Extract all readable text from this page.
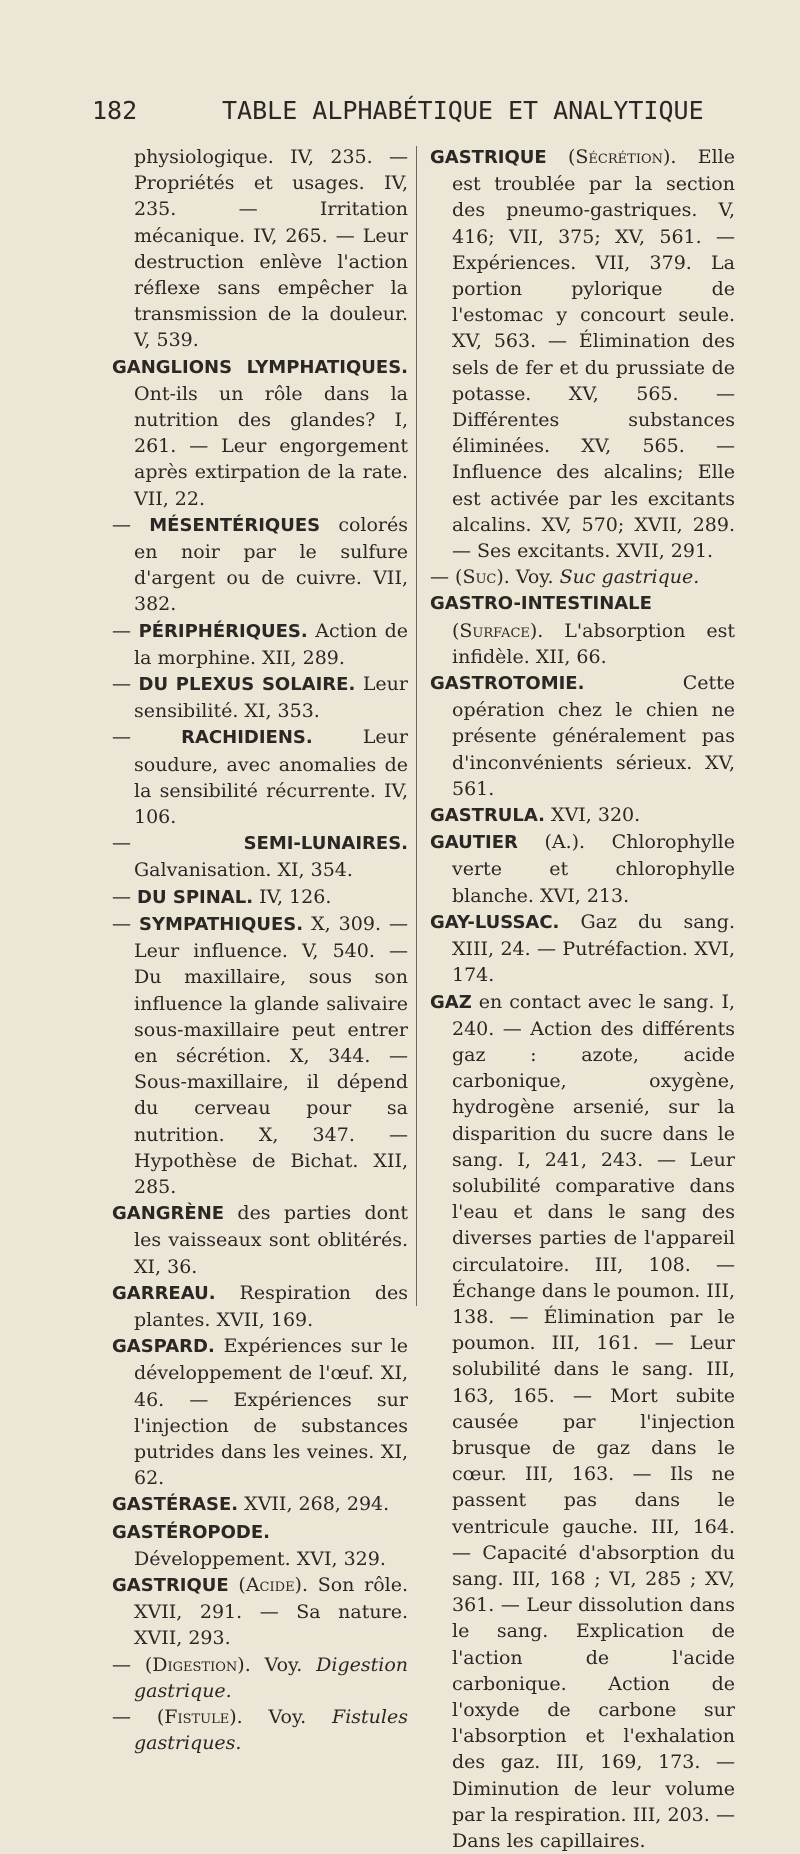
182	TABLE ALPHABÉTIQUE ET ANALYTIQUE

physiologique. IV, 235. — Propriétés et usages. IV, 235. — Irritation mécanique. IV, 265. — Leur destruction enlève l'action réflexe sans empêcher la transmission de la douleur. V, 539.

GANGLIONS LYMPHATIQUES. Ont-ils un rôle dans la nutrition des glandes? I, 261. — Leur engorgement après extirpation de la rate. VII, 22.

— MÉSENTÉRIQUES colorés en noir par le sulfure d'argent ou de cuivre. VII, 382.

— PÉRIPHÉRIQUES. Action de la morphine. XII, 289.

— DU PLEXUS SOLAIRE. Leur sensibilité. XI, 353.

— RACHIDIENS. Leur soudure, avec anomalies de la sensibilité récurrente. IV, 106.

— SEMI-LUNAIRES. Galvanisation. XI, 354.

— DU SPINAL. IV, 126.

— SYMPATHIQUES. X, 309. — Leur influence. V, 540. — Du maxillaire, sous son influence la glande salivaire sous-maxillaire peut entrer en sécrétion. X, 344. — Sous-maxillaire, il dépend du cerveau pour sa nutrition. X, 347. — Hypothèse de Bichat. XII, 285.

GANGRÈNE des parties dont les vaisseaux sont oblitérés. XI, 36.

GARREAU. Respiration des plantes. XVII, 169.

GASPARD. Expériences sur le développement de l'œuf. XI, 46. — Expériences sur l'injection de substances putrides dans les veines. XI, 62.

GASTÉRASE. XVII, 268, 294.

GASTÉROPODE. Développement. XVI, 329.

GASTRIQUE (Acide). Son rôle. XVII, 291. — Sa nature. XVII, 293.

— (Digestion). Voy. Digestion gastrique.

— (Fistule). Voy. Fistules gastriques.

GASTRIQUE (Sécrétion). Elle est troublée par la section des pneumo-gastriques. V, 416; VII, 375; XV, 561. — Expériences. VII, 379. La portion pylorique de l'estomac y concourt seule. XV, 563. — Élimination des sels de fer et du prussiate de potasse. XV, 565. — Différentes substances éliminées. XV, 565. — Influence des alcalins; Elle est activée par les excitants alcalins. XV, 570; XVII, 289. — Ses excitants. XVII, 291.

— (Suc). Voy. Suc gastrique.

GASTRO-INTESTINALE (Surface). L'absorption est infidèle. XII, 66.

GASTROTOMIE. Cette opération chez le chien ne présente généralement pas d'inconvénients sérieux. XV, 561.

GASTRULA. XVI, 320.

GAUTIER (A.). Chlorophylle verte et chlorophylle blanche. XVI, 213.

GAY-LUSSAC. Gaz du sang. XIII, 24. — Putréfaction. XVI, 174.

GAZ en contact avec le sang. I, 240. — Action des différents gaz : azote, acide carbonique, oxygène, hydrogène arsenié, sur la disparition du sucre dans le sang. I, 241, 243. — Leur solubilité comparative dans l'eau et dans le sang des diverses parties de l'appareil circulatoire. III, 108. — Échange dans le poumon. III, 138. — Élimination par le poumon. III, 161. — Leur solubilité dans le sang. III, 163, 165. — Mort subite causée par l'injection brusque de gaz dans le cœur. III, 163. — Ils ne passent pas dans le ventricule gauche. III, 164. — Capacité d'absorption du sang. III, 168 ; VI, 285 ; XV, 361. — Leur dissolution dans le sang. Explication de l'action de l'acide carbonique. Action de l'oxyde de carbone sur l'absorption et l'exhalation des gaz. III, 169, 173. — Diminution de leur volume par la respiration. III, 203. — Dans les capillaires.
